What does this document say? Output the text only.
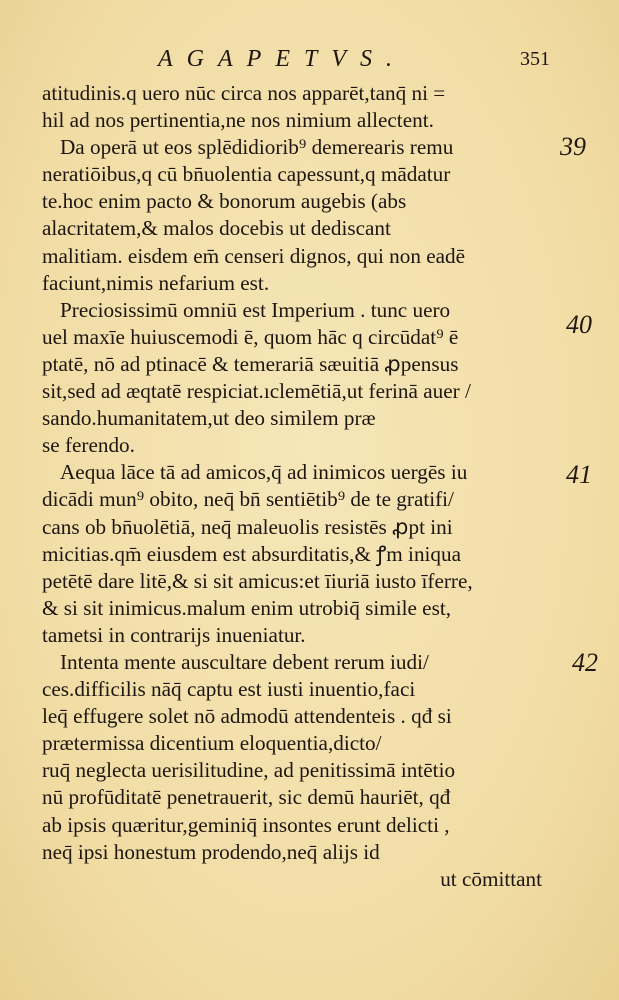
AGAPETVS.	351
39
40
41
42
atitudinis.q uero nūc circa nos apparēt,tanq̄ ni =
hil ad nos pertinentia,ne nos nimium allectent.
Da operā ut eos splēdidiorib⁹ demerearis remu
neratiōibus,q cū bn̄uolentia capessunt,q mādatur
te.hoc enim pacto & bonorum augebis (abs
alacritatem,& malos docebis ut dediscant
malitiam. eisdem em̄ censeri dignos, qui non eadē
faciunt,nimis nefarium est.
Preciosissimū omniū est Imperium . tunc uero
uel maxīe huiuscemodi ē, quom hāc q circūdat⁹ ē
ptatē, nō ad ptinacē & temerariā sæuitiā ꝓpensus
sit,sed ad æqtatē respiciat.ıclemētiā,ut ferinā auer /
sando.humanitatem,ut deo similem præ
se ferendo.
Aequa lāce tā ad amicos,q̄ ad inimicos uergēs iu
dicādi mun⁹ obito, neq̄ bn̄ sentiētib⁹ de te gratifi/
cans ob bn̄uolētiā, neq̄ maleuolis resistēs ꝓpt ini
micitias.qm̄ eiusdem est absurditatis,& ꝭm iniqua
petētē dare litē,& si sit amicus:et īiuriā iusto īferre,
& si sit inimicus.malum enim utrobiq̄ simile est,
tametsi in contrarijs inueniatur.
Intenta mente auscultare debent rerum iudi/
ces.difficilis nāq̄ captu est iusti inuentio,faci
leq̄ effugere solet nō admodū attendenteis . qđ si
prætermissa dicentium eloquentia,dicto/
ruq̄ neglecta uerisilitudine, ad penitissimā intētio
nū profūditatē penetrauerit, sic demū hauriēt, qđ
ab ipsis quæritur,geminiq̄ insontes erunt delicti ,
neq̄ ipsi honestum prodendo,neq̄ alijs id
ut cōmittant
